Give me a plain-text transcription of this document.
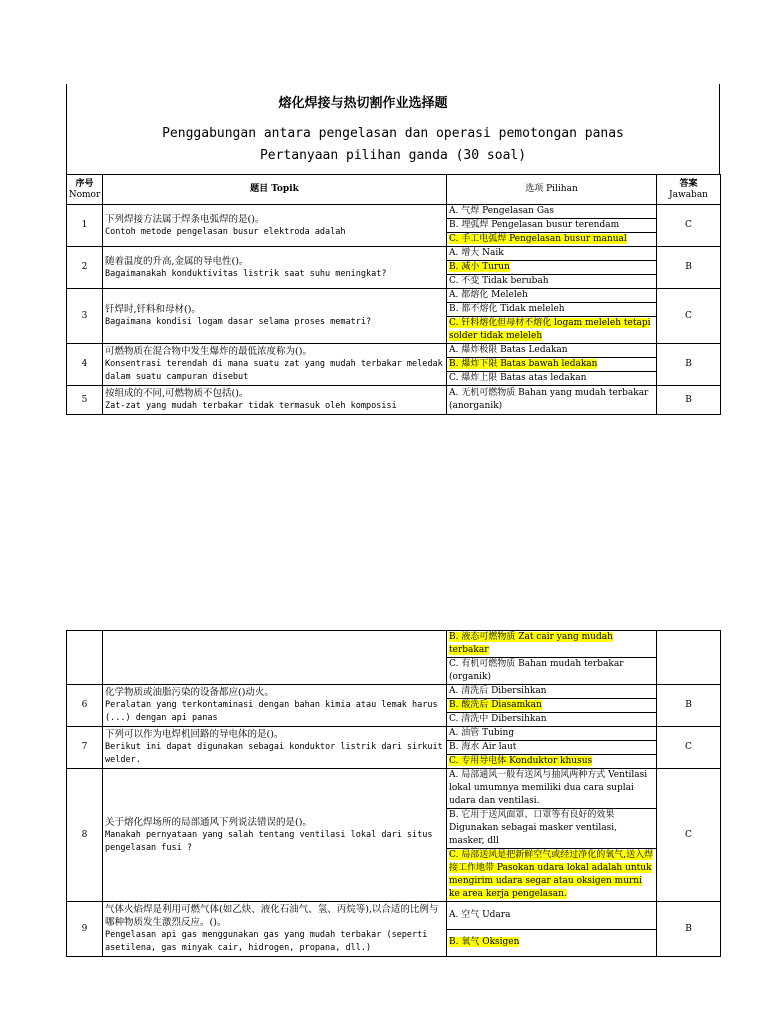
熔化焊接与热切割作业选择题
Penggabungan antara pengelasan dan operasi pemotongan panas
Pertanyaan pilihan ganda (30 soal)
序号
Nomor	题目 Topik	选项 Pilihan	答案
Jawaban
1	下列焊接方法属于焊条电弧焊的是()。
Contoh metode pengelasan busur elektroda adalah	A. 气焊 Pengelasan Gas	C
		B. 埋弧焊 Pengelasan busur terendam	
		C. 手工电弧焊 Pengelasan busur manual	
2	随着温度的升高,金属的导电性()。
Bagaimanakah konduktivitas listrik saat suhu meningkat?	A. 增大 Naik	B
		B. 减小 Turun	
		C. 不变 Tidak berubah	
3	钎焊时,钎料和母材()。
Bagaimana kondisi logam dasar selama proses mematri?	A. 都熔化 Meleleh	C
		B. 都不熔化 Tidak meleleh	
		C. 钎料熔化但母材不熔化 logam meleleh tetapi solder tidak meleleh	
4	可燃物质在混合物中发生爆炸的最低浓度称为()。
Konsentrasi terendah di mana suatu zat yang mudah terbakar meledak dalam suatu campuran disebut	A. 爆炸极限 Batas Ledakan	B
		B. 爆炸下限 Batas bawah ledakan	
		C. 爆炸上限 Batas atas ledakan	
5	按组成的不同,可燃物质不包括()。
Zat-zat yang mudah terbakar tidak termasuk oleh komposisi	A. 无机可燃物质 Bahan yang mudah terbakar (anorganik)	B
		B. 液态可燃物质 Zat cair yang mudah terbakar	
		C. 有机可燃物质 Bahan mudah terbakar (organik)	
6	化学物质或油脂污染的设备都应()动火。
Peralatan yang terkontaminasi dengan bahan kimia atau lemak harus (...) dengan api panas	A. 清洗后 Dibersihkan	B
		B. 酸洗后 Diasamkan	
		C. 清洗中 Dibersihkan	
7	下列可以作为电焊机回路的导电体的是()。
Berikut ini dapat digunakan sebagai konduktor listrik dari sirkuit welder.	A. 油管 Tubing	C
		B. 海水 Air laut	
		C. 专用导电体 Konduktor khusus	
8	关于熔化焊场所的局部通风下列说法错误的是()。
Manakah pernyataan yang salah tentang ventilasi lokal dari situs pengelasan fusi ?	A. 局部通风一般有送风与抽风两种方式 Ventilasi lokal umumnya memiliki dua cara suplai udara dan ventilasi.	C
		B. 它用于送风面罩、口罩等有良好的效果 Digunakan sebagai masker ventilasi, masker, dll	
		C. 局部送风是把新鲜空气或经过净化的氧气,送入焊接工作地带 Pasokan udara lokal adalah untuk mengirim udara segar atau oksigen murni ke area kerja pengelasan.	
9	气体火焰焊是利用可燃气体(如乙炔、液化石油气、氢、丙烷等),以合适的比例与哪种物质发生激烈反应。()。
Pengelasan api gas menggunakan gas yang mudah terbakar (seperti asetilena, gas minyak cair, hidrogen, propana, dll.)	A. 空气 Udara	B
		B. 氧气 Oksigen	
